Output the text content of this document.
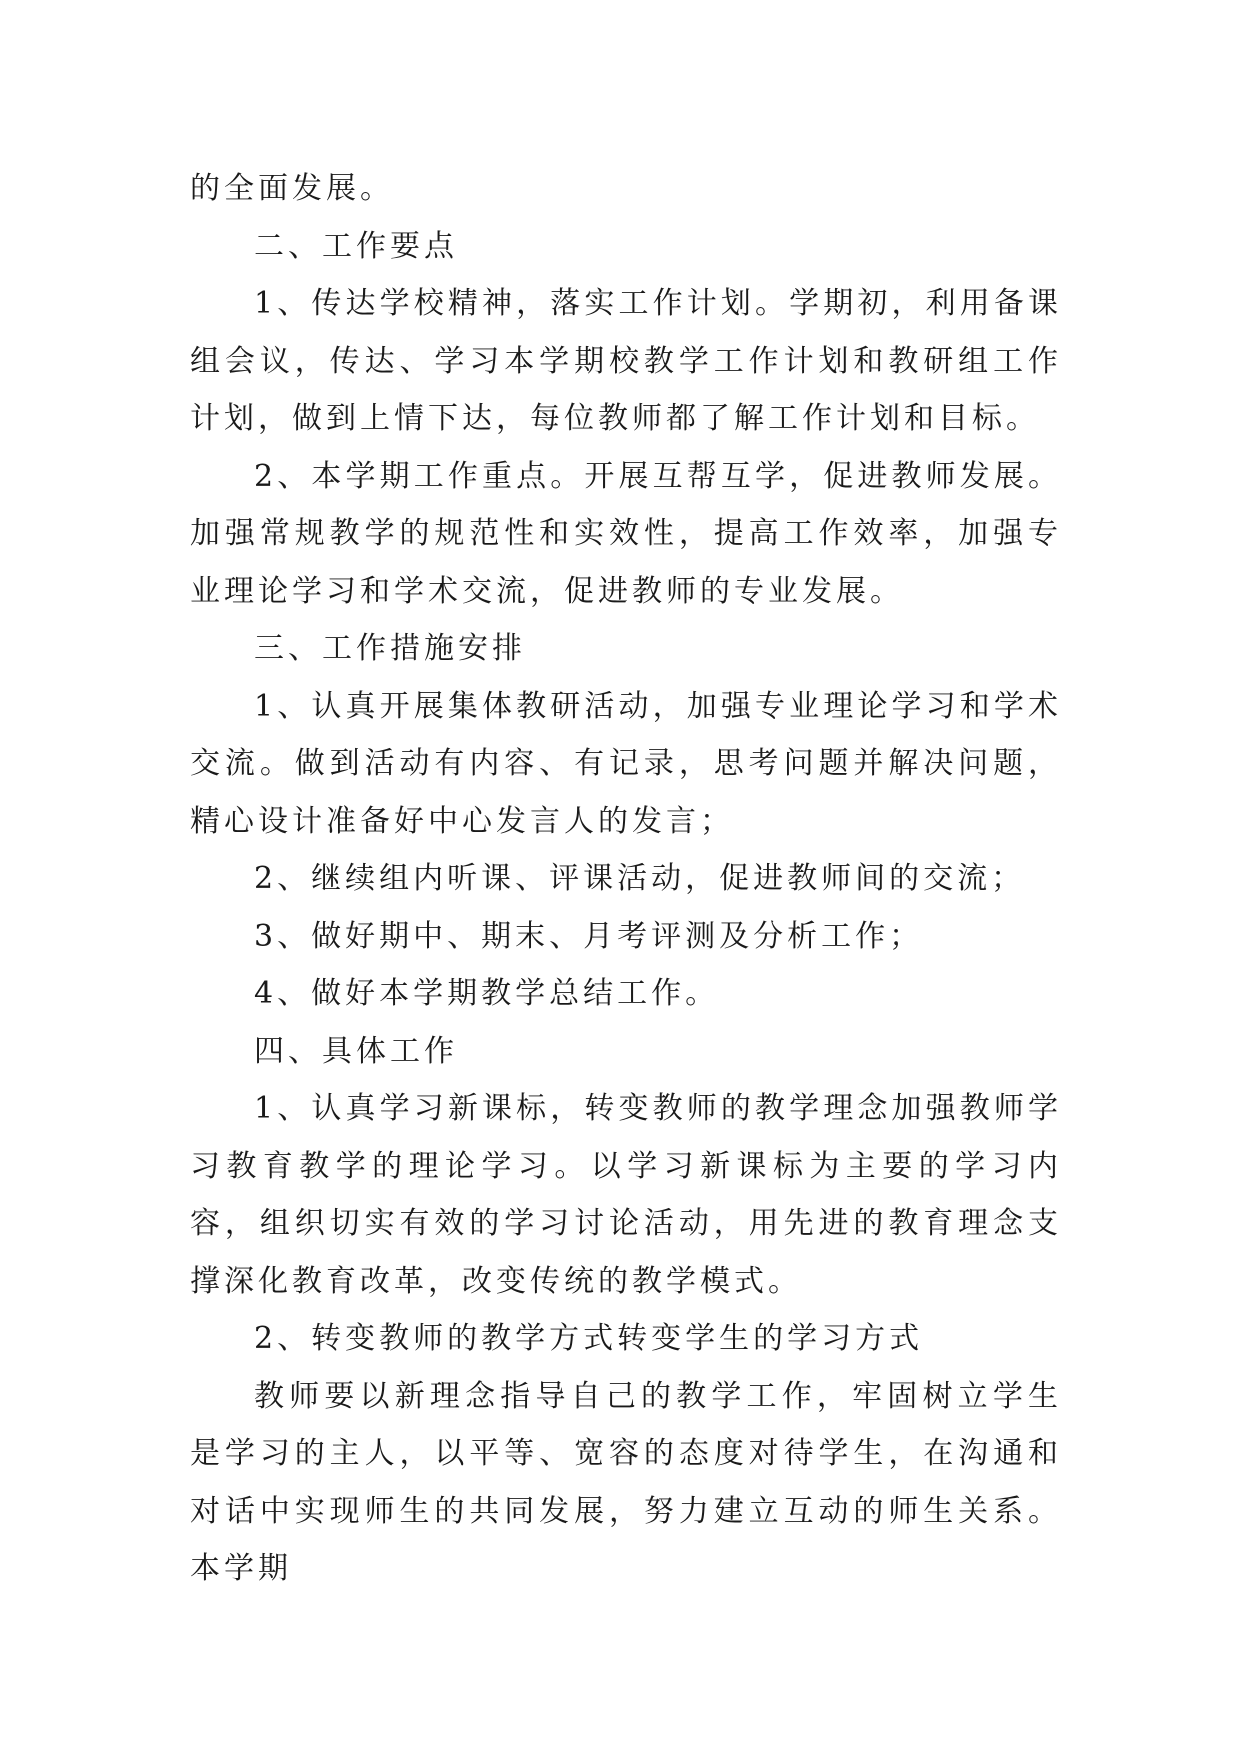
的全面发展。

二、工作要点

1、传达学校精神，落实工作计划。学期初，利用备课组会议，传达、学习本学期校教学工作计划和教研组工作计划，做到上情下达，每位教师都了解工作计划和目标。

2、本学期工作重点。开展互帮互学，促进教师发展。加强常规教学的规范性和实效性，提高工作效率，加强专业理论学习和学术交流，促进教师的专业发展。

三、工作措施安排

1、认真开展集体教研活动，加强专业理论学习和学术交流。做到活动有内容、有记录，思考问题并解决问题，精心设计准备好中心发言人的发言；

2、继续组内听课、评课活动，促进教师间的交流；

3、做好期中、期末、月考评测及分析工作；

4、做好本学期教学总结工作。

四、具体工作

1、认真学习新课标，转变教师的教学理念加强教师学习教育教学的理论学习。以学习新课标为主要的学习内容，组织切实有效的学习讨论活动，用先进的教育理念支撑深化教育改革，改变传统的教学模式。

2、转变教师的教学方式转变学生的学习方式

教师要以新理念指导自己的教学工作，牢固树立学生是学习的主人，以平等、宽容的态度对待学生，在沟通和对话中实现师生的共同发展，努力建立互动的师生关系。本学期
